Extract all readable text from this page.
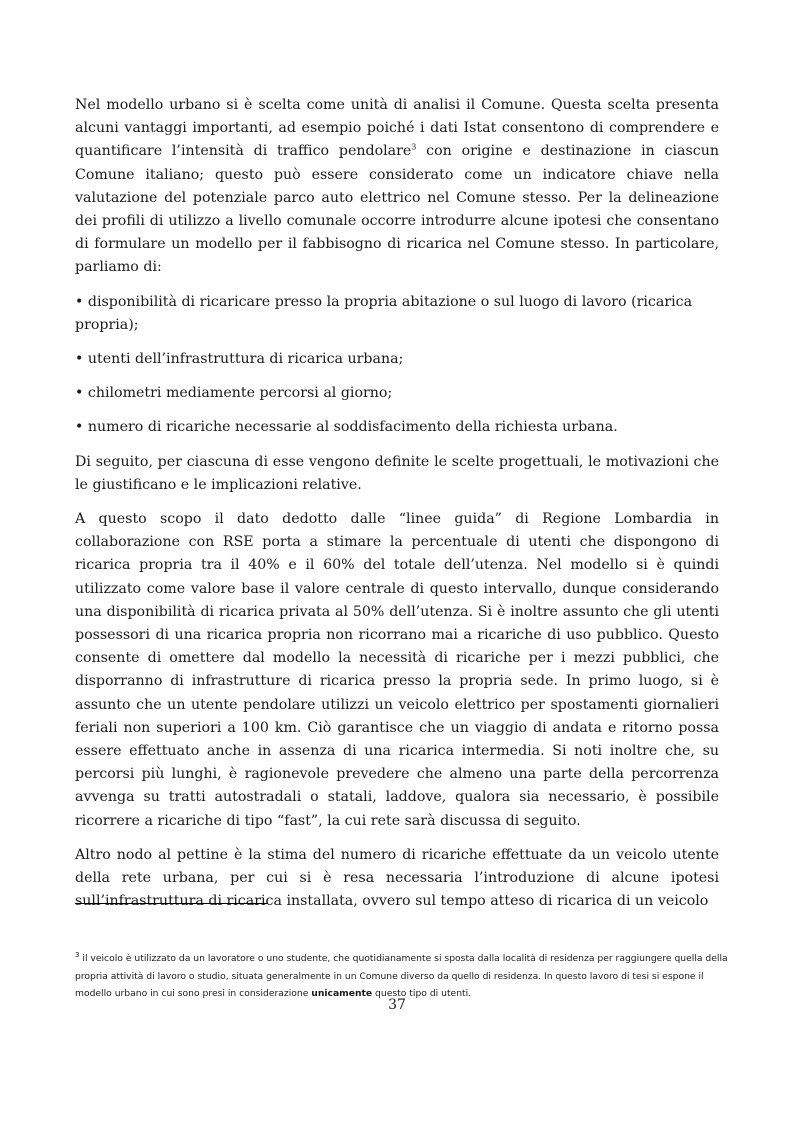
Nel modello urbano si è scelta come unità di analisi il Comune. Questa scelta presenta alcuni vantaggi importanti, ad esempio poiché i dati Istat consentono di comprendere e quantificare l’intensità di traffico pendolare$^3$ con origine e destinazione in ciascun Comune italiano; questo può essere considerato come un indicatore chiave nella valutazione del potenziale parco auto elettrico nel Comune stesso. Per la delineazione dei profili di utilizzo a livello comunale occorre introdurre alcune ipotesi che consentano di formulare un modello per il fabbisogno di ricarica nel Comune stesso. In particolare, parliamo di:

• disponibilità di ricaricare presso la propria abitazione o sul luogo di lavoro (ricarica propria);

• utenti dell’infrastruttura di ricarica urbana;

• chilometri mediamente percorsi al giorno;

• numero di ricariche necessarie al soddisfacimento della richiesta urbana.

Di seguito, per ciascuna di esse vengono definite le scelte progettuali, le motivazioni che le giustificano e le implicazioni relative.

A questo scopo il dato dedotto dalle “linee guida” di Regione Lombardia in collaborazione con RSE porta a stimare la percentuale di utenti che dispongono di ricarica propria tra il 40% e il 60% del totale dell’utenza. Nel modello si è quindi utilizzato come valore base il valore centrale di questo intervallo, dunque considerando una disponibilità di ricarica privata al 50% dell’utenza. Si è inoltre assunto che gli utenti possessori di una ricarica propria non ricorrano mai a ricariche di uso pubblico. Questo consente di omettere dal modello la necessità di ricariche per i mezzi pubblici, che disporranno di infrastrutture di ricarica presso la propria sede. In primo luogo, si è assunto che un utente pendolare utilizzi un veicolo elettrico per spostamenti giornalieri feriali non superiori a 100 km. Ciò garantisce che un viaggio di andata e ritorno possa essere effettuato anche in assenza di una ricarica intermedia. Si noti inoltre che, su percorsi più lunghi, è ragionevole prevedere che almeno una parte della percorrenza avvenga su tratti autostradali o statali, laddove, qualora sia necessario, è possibile ricorrere a ricariche di tipo “fast”, la cui rete sarà discussa di seguito.

Altro nodo al pettine è la stima del numero di ricariche effettuate da un veicolo utente della rete urbana, per cui si è resa necessaria l’introduzione di alcune ipotesi sull’infrastruttura di ricarica installata, ovvero sul tempo atteso di ricarica di un veicolo

$^3$ il veicolo è utilizzato da un lavoratore o uno studente, che quotidianamente si sposta dalla località di residenza per raggiungere quella della propria attività di lavoro o studio, situata generalmente in un Comune diverso da quello di residenza. In questo lavoro di tesi si espone il modello urbano in cui sono presi in considerazione unicamente questo tipo di utenti.
37
